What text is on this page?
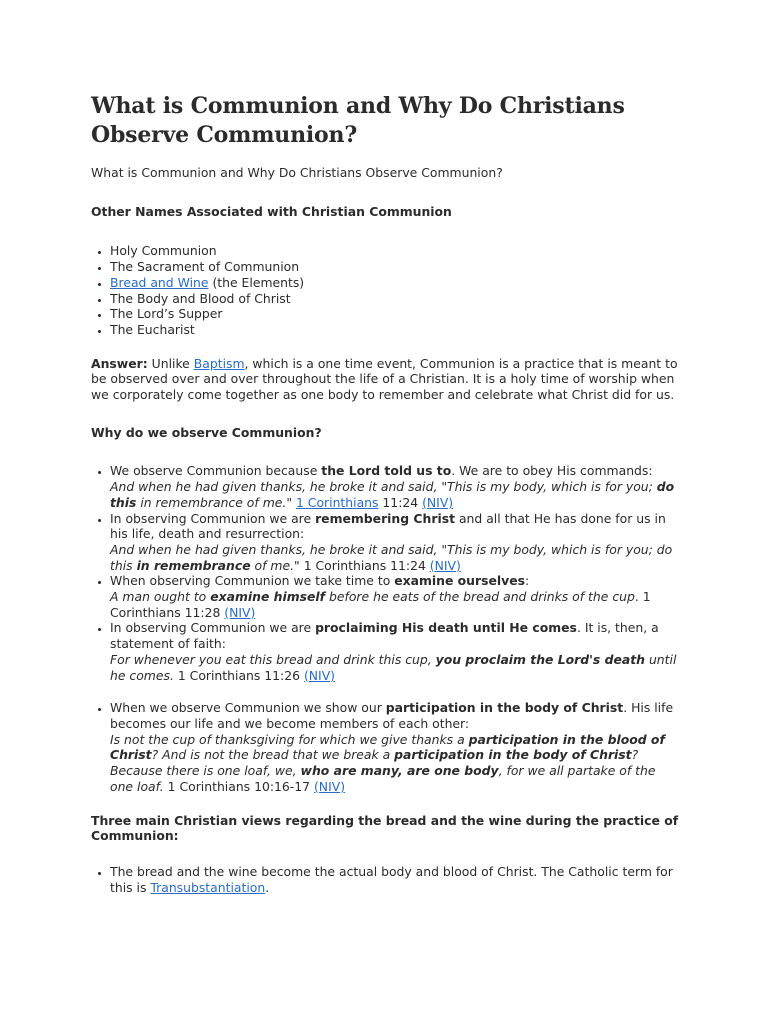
What is Communion and Why Do Christians Observe Communion?

What is Communion and Why Do Christians Observe Communion?

Other Names Associated with Christian Communion

• Holy Communion
• The Sacrament of Communion
• Bread and Wine (the Elements)
• The Body and Blood of Christ
• The Lord’s Supper
• The Eucharist

Answer: Unlike Baptism, which is a one time event, Communion is a practice that is meant to be observed over and over throughout the life of a Christian. It is a holy time of worship when we corporately come together as one body to remember and celebrate what Christ did for us.

Why do we observe Communion?

• We observe Communion because the Lord told us to. We are to obey His commands:
And when he had given thanks, he broke it and said, "This is my body, which is for you; do this in remembrance of me." 1 Corinthians 11:24 (NIV)
• In observing Communion we are remembering Christ and all that He has done for us in his life, death and resurrection:
And when he had given thanks, he broke it and said, "This is my body, which is for you; do this in remembrance of me." 1 Corinthians 11:24 (NIV)
• When observing Communion we take time to examine ourselves:
A man ought to examine himself before he eats of the bread and drinks of the cup. 1 Corinthians 11:28 (NIV)
• In observing Communion we are proclaiming His death until He comes. It is, then, a statement of faith:
For whenever you eat this bread and drink this cup, you proclaim the Lord's death until he comes. 1 Corinthians 11:26 (NIV)
• When we observe Communion we show our participation in the body of Christ. His life becomes our life and we become members of each other:
Is not the cup of thanksgiving for which we give thanks a participation in the blood of Christ? And is not the bread that we break a participation in the body of Christ? Because there is one loaf, we, who are many, are one body, for we all partake of the one loaf. 1 Corinthians 10:16-17 (NIV)

Three main Christian views regarding the bread and the wine during the practice of Communion:

• The bread and the wine become the actual body and blood of Christ. The Catholic term for this is Transubstantiation.
